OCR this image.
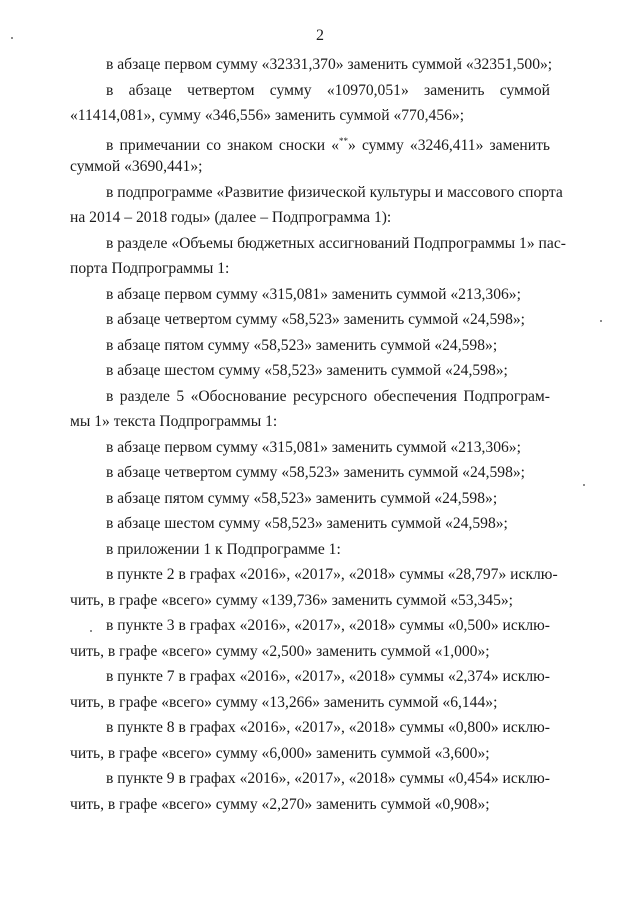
2
в абзаце первом сумму «32331,370» заменить суммой «32351,500»;
в абзаце четвертом сумму «10970,051» заменить суммой
«11414,081», сумму «346,556» заменить суммой «770,456»;
в примечании со знаком сноски «**» сумму «3246,411» заменить
суммой «3690,441»;
в подпрограмме «Развитие физической культуры и массового спорта
на 2014 – 2018 годы» (далее – Подпрограмма 1):
в разделе «Объемы бюджетных ассигнований Подпрограммы 1» пас-
порта Подпрограммы 1:
в абзаце первом сумму «315,081» заменить суммой «213,306»;
в абзаце четвертом сумму «58,523» заменить суммой «24,598»;
в абзаце пятом сумму «58,523» заменить суммой «24,598»;
в абзаце шестом сумму «58,523» заменить суммой «24,598»;
в разделе 5 «Обоснование ресурсного обеспечения Подпрограм-
мы 1» текста Подпрограммы 1:
в абзаце первом сумму «315,081» заменить суммой «213,306»;
в абзаце четвертом сумму «58,523» заменить суммой «24,598»;
в абзаце пятом сумму «58,523» заменить суммой «24,598»;
в абзаце шестом сумму «58,523» заменить суммой «24,598»;
в приложении 1 к Подпрограмме 1:
в пункте 2 в графах «2016», «2017», «2018» суммы «28,797» исклю-
чить, в графе «всего» сумму «139,736» заменить суммой «53,345»;
в пункте 3 в графах «2016», «2017», «2018» суммы «0,500» исклю-
чить, в графе «всего» сумму «2,500» заменить суммой «1,000»;
в пункте 7 в графах «2016», «2017», «2018» суммы «2,374» исклю-
чить, в графе «всего» сумму «13,266» заменить суммой «6,144»;
в пункте 8 в графах «2016», «2017», «2018» суммы «0,800» исклю-
чить, в графе «всего» сумму «6,000» заменить суммой «3,600»;
в пункте 9 в графах «2016», «2017», «2018» суммы «0,454» исклю-
чить, в графе «всего» сумму «2,270» заменить суммой «0,908»;
